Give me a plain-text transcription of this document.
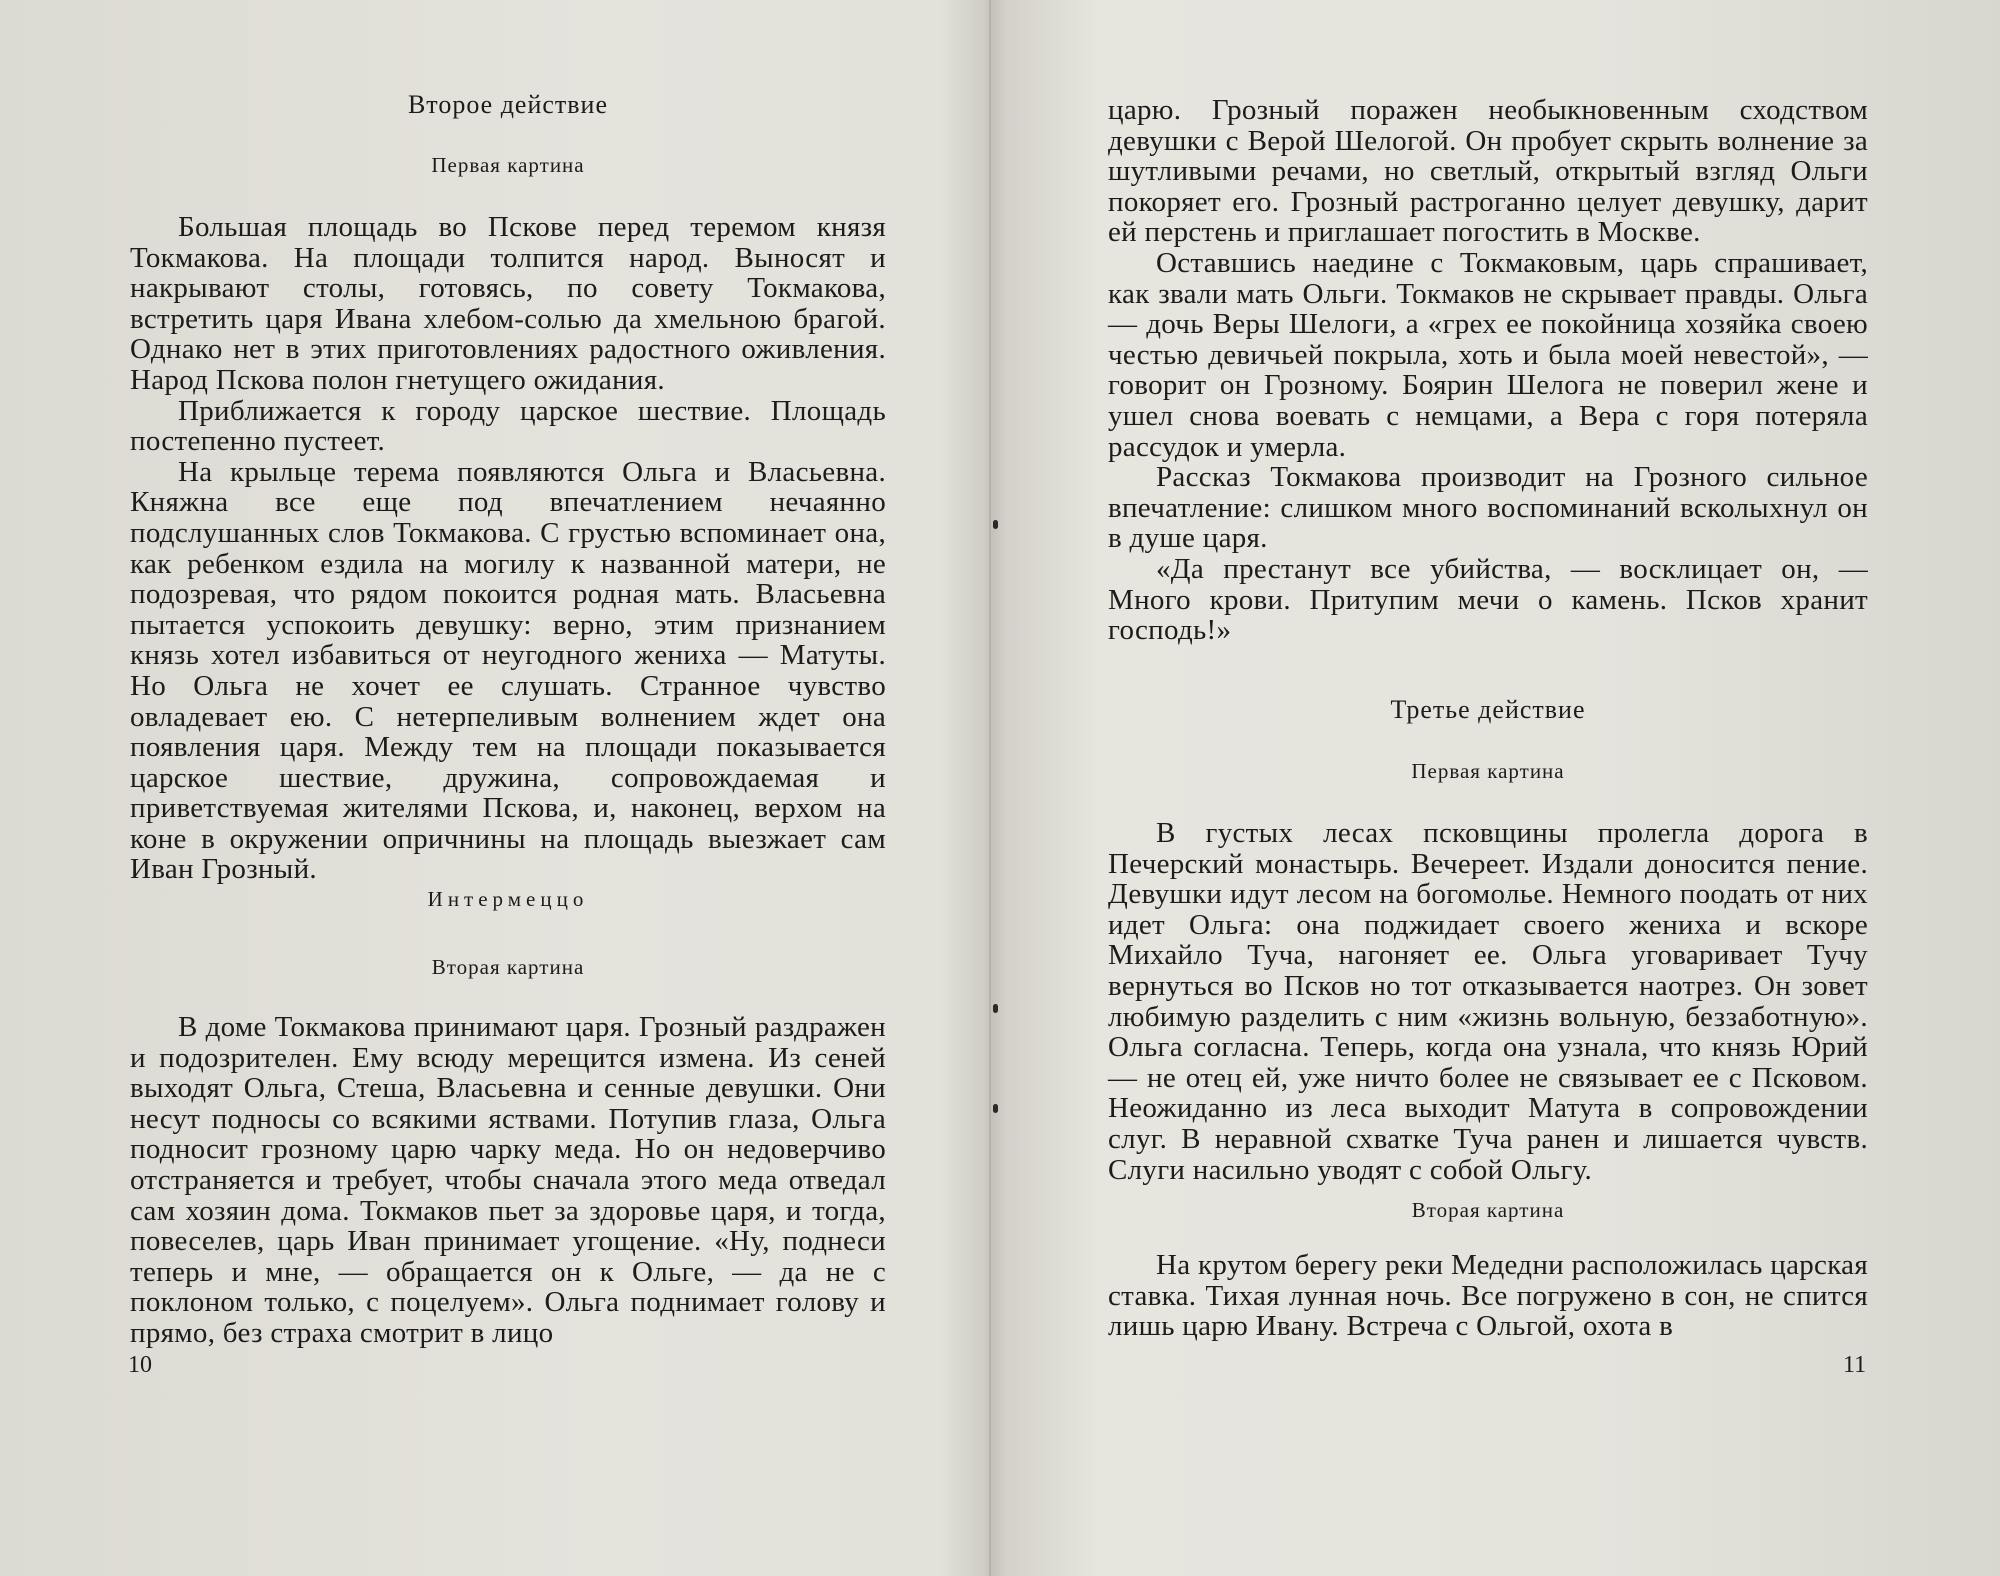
Второе действие
Первая картина

Большая площадь во Пскове перед теремом князя Токмакова. На площади толпится народ. Выносят и накрывают столы, готовясь, по совету Токмакова, встретить царя Ивана хлебом-солью да хмельною брагой. Однако нет в этих приготовлениях радостного оживления. Народ Пскова полон гнетущего ожидания.

Приближается к городу царское шествие. Площадь постепенно пустеет.

На крыльце терема появляются Ольга и Власьевна. Княжна все еще под впечатлением нечаянно подслушанных слов Токмакова. С грустью вспоминает она, как ребенком ездила на могилу к названной матери, не подозревая, что рядом покоится родная мать. Власьевна пытается успокоить девушку: верно, этим признанием князь хотел избавиться от неугодного жениха — Матуты. Но Ольга не хочет ее слушать. Странное чувство овладевает ею. С нетерпеливым волнением ждет она появления царя. Между тем на площади показывается царское шествие, дружина, сопровождаемая и приветствуемая жителями Пскова, и, наконец, верхом на коне в окружении опричнины на площадь выезжает сам Иван Грозный.

Интермеццо
Вторая картина

В доме Токмакова принимают царя. Грозный раздражен и подозрителен. Ему всюду мерещится измена. Из сеней выходят Ольга, Стеша, Власьевна и сенные девушки. Они несут подносы со всякими яствами. Потупив глаза, Ольга подносит грозному царю чарку меда. Но он недоверчиво отстраняется и требует, чтобы сначала этого меда отведал сам хозяин дома. Токмаков пьет за здоровье царя, и тогда, повеселев, царь Иван принимает угощение. «Ну, поднеси теперь и мне, — обращается он к Ольге, — да не с поклоном только, с поцелуем». Ольга поднимает голову и прямо, без страха смотрит в лицо

10

царю. Грозный поражен необыкновенным сходством девушки с Верой Шелогой. Он пробует скрыть волнение за шутливыми речами, но светлый, открытый взгляд Ольги покоряет его. Грозный растроганно целует девушку, дарит ей перстень и приглашает погостить в Москве.

Оставшись наедине с Токмаковым, царь спрашивает, как звали мать Ольги. Токмаков не скрывает правды. Ольга — дочь Веры Шелоги, а «грех ее покойница хозяйка своею честью девичьей покрыла, хоть и была моей невестой», — говорит он Грозному. Боярин Шелога не поверил жене и ушел снова воевать с немцами, а Вера с горя потеряла рассудок и умерла.

Рассказ Токмакова производит на Грозного сильное впечатление: слишком много воспоминаний всколыхнул он в душе царя.

«Да престанут все убийства, — восклицает он, — Много крови. Притупим мечи о камень. Псков хранит господь!»

Третье действие
Первая картина

В густых лесах псковщины пролегла дорога в Печерский монастырь. Вечереет. Издали доносится пение. Девушки идут лесом на богомолье. Немного поодать от них идет Ольга: она поджидает своего жениха и вскоре Михайло Туча, нагоняет ее. Ольга уговаривает Тучу вернуться во Псков но тот отказывается наотрез. Он зовет любимую разделить с ним «жизнь вольную, беззаботную». Ольга согласна. Теперь, когда она узнала, что князь Юрий — не отец ей, уже ничто более не связывает ее с Псковом. Неожиданно из леса выходит Матута в сопровождении слуг. В неравной схватке Туча ранен и лишается чувств. Слуги насильно уводят с собой Ольгу.

Вторая картина

На крутом берегу реки Медедни расположилась царская ставка. Тихая лунная ночь. Все погружено в сон, не спится лишь царю Ивану. Встреча с Ольгой, охота в

11
